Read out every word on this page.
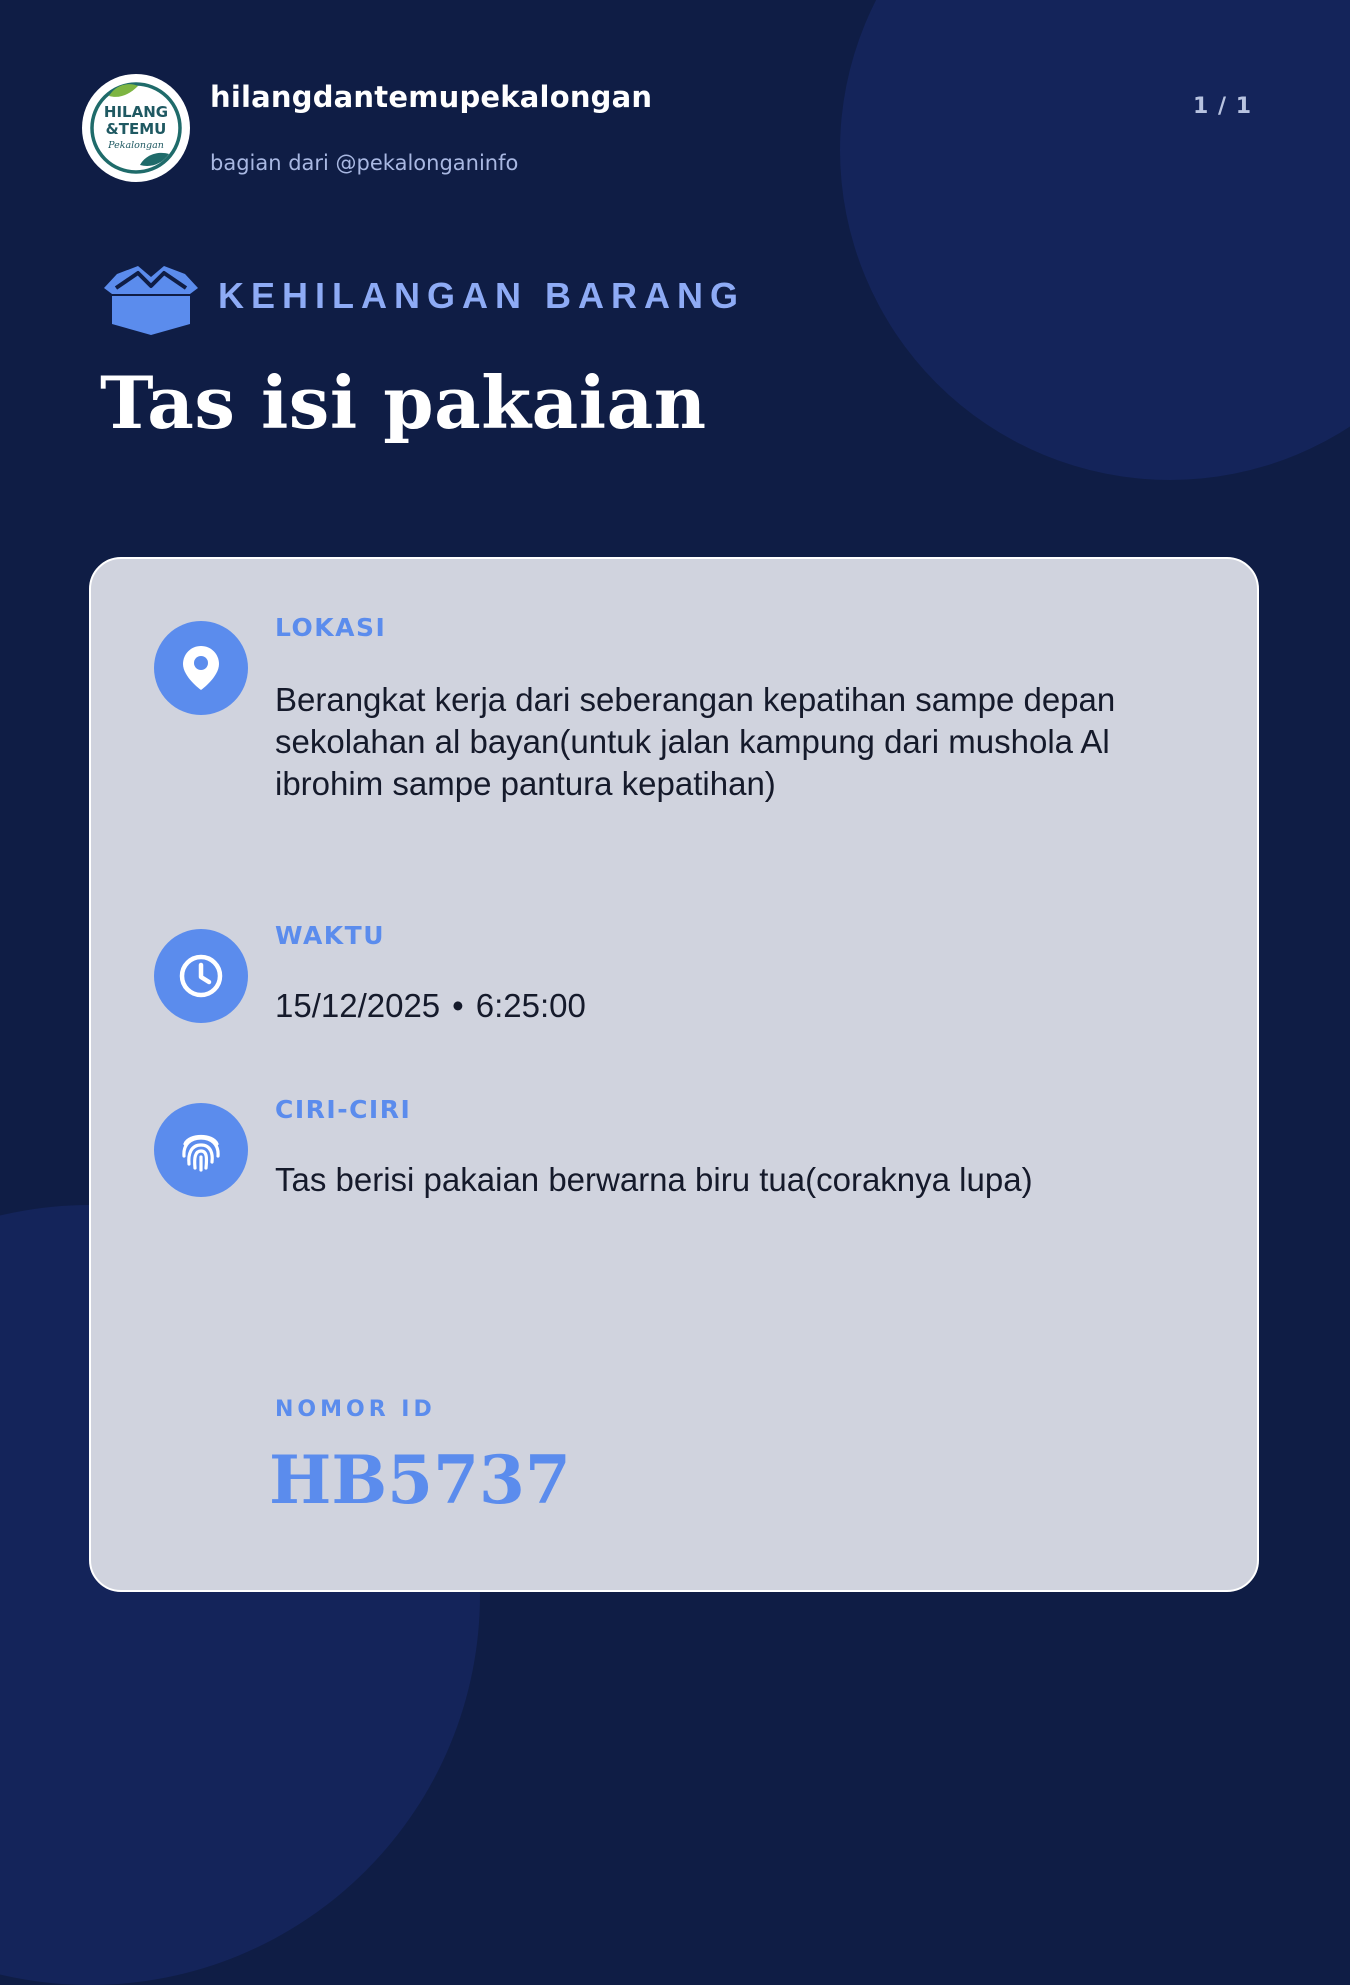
HILANG
&TEMU
Pekalongan
hilangdantemupekalongan
bagian dari @pekalonganinfo
1 / 1
KEHILANGAN BARANG
Tas isi pakaian
LOKASI
Berangkat kerja dari seberangan kepatihan sampe depan sekolahan al bayan(untuk jalan kampung dari mushola Al ibrohim sampe pantura kepatihan)
WAKTU
15/12/2025 • 6:25:00
CIRI-CIRI
Tas berisi pakaian berwarna biru tua(coraknya lupa)
NOMOR ID
HB5737
